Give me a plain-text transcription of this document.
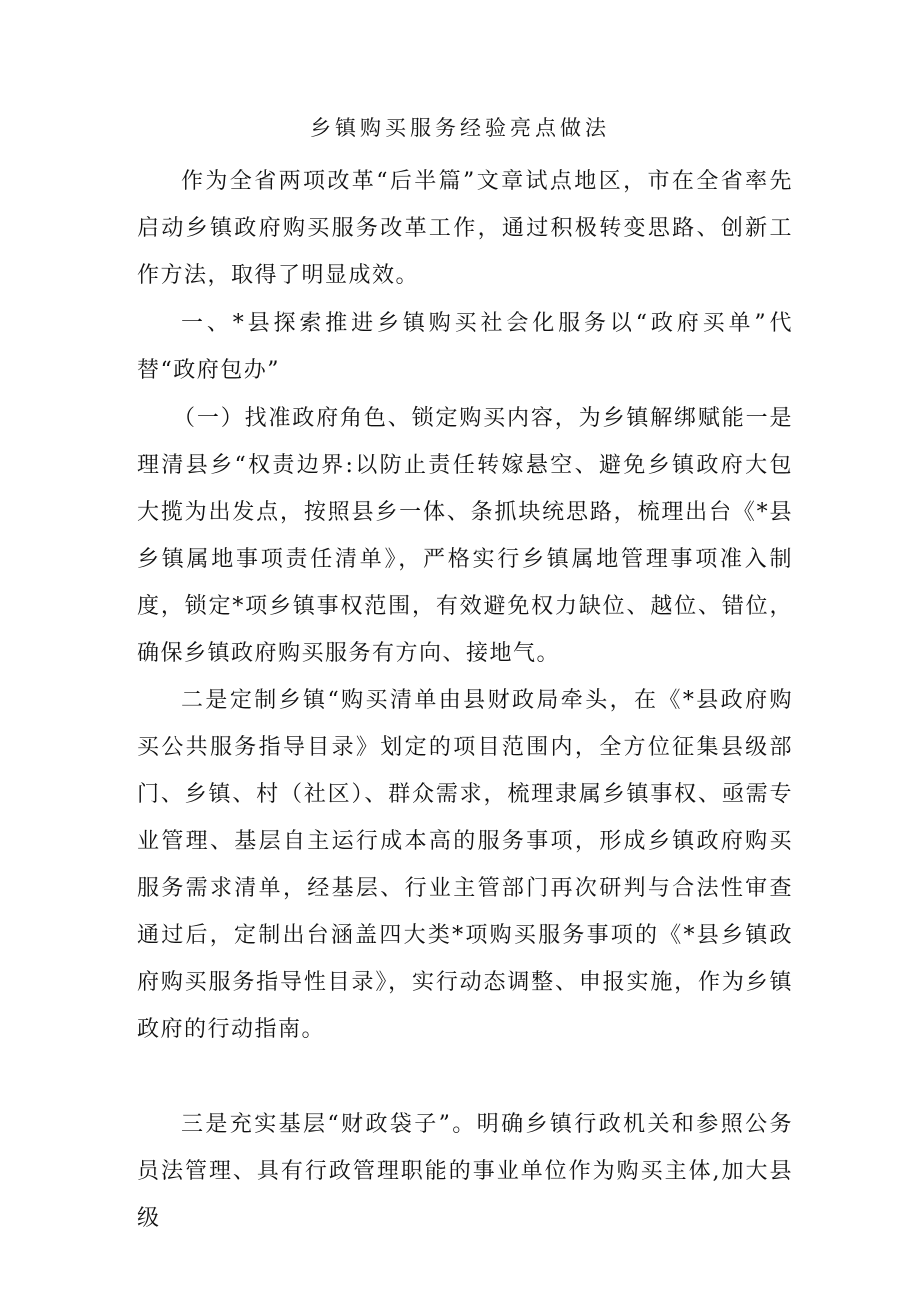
乡镇购买服务经验亮点做法

作为全省两项改革“后半篇”文章试点地区，市在全省率先启动乡镇政府购买服务改革工作，通过积极转变思路、创新工作方法，取得了明显成效。

一、*县探索推进乡镇购买社会化服务以“政府买单”代替“政府包办”

（一）找准政府角色、锁定购买内容，为乡镇解绑赋能一是理清县乡“权责边界:以防止责任转嫁悬空、避免乡镇政府大包大揽为出发点，按照县乡一体、条抓块统思路，梳理出台《*县乡镇属地事项责任清单》，严格实行乡镇属地管理事项准入制度，锁定*项乡镇事权范围，有效避免权力缺位、越位、错位，确保乡镇政府购买服务有方向、接地气。

二是定制乡镇“购买清单由县财政局牵头，在《*县政府购买公共服务指导目录》划定的项目范围内，全方位征集县级部门、乡镇、村（社区）、群众需求，梳理隶属乡镇事权、亟需专业管理、基层自主运行成本高的服务事项，形成乡镇政府购买服务需求清单，经基层、行业主管部门再次研判与合法性审查通过后，定制出台涵盖四大类*项购买服务事项的《*县乡镇政府购买服务指导性目录》，实行动态调整、申报实施，作为乡镇政府的行动指南。

三是充实基层“财政袋子”。明确乡镇行政机关和参照公务员法管理、具有行政管理职能的事业单位作为购买主体,加大县级
